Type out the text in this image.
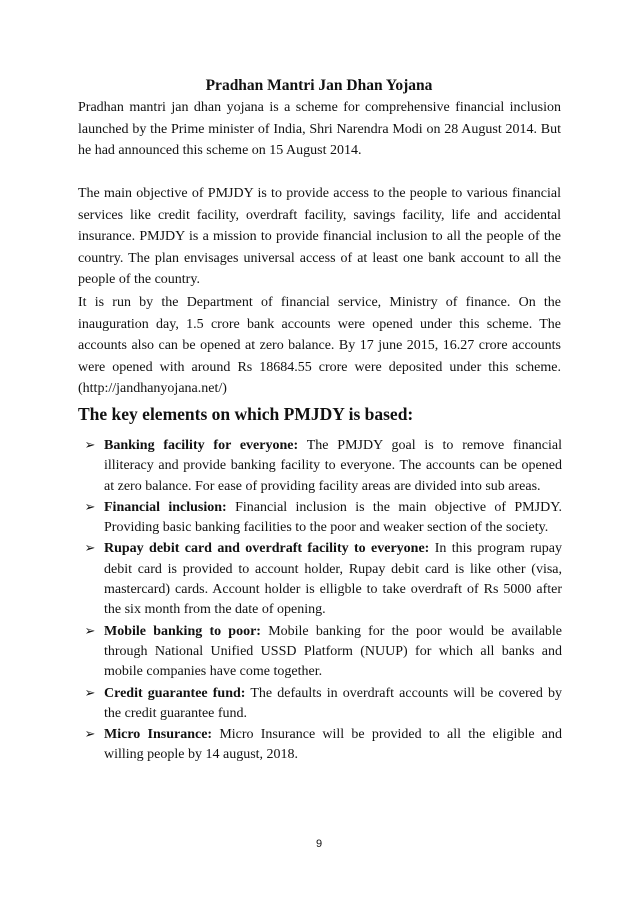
Pradhan Mantri Jan Dhan Yojana

Pradhan mantri jan dhan yojana is a scheme for comprehensive financial inclusion launched by the Prime minister of India, Shri Narendra Modi on 28 August 2014. But he had announced this scheme on 15 August 2014.

The main objective of PMJDY is to provide access to the people to various financial services like credit facility, overdraft facility, savings facility, life and accidental insurance. PMJDY is a mission to provide financial inclusion to all the people of the country. The plan envisages universal access of at least one bank account to all the people of the country.

It is run by the Department of financial service, Ministry of finance. On the inauguration day, 1.5 crore bank accounts were opened under this scheme. The accounts also can be opened at zero balance. By 17 june 2015, 16.27 crore accounts were opened with around Rs 18684.55 crore were deposited under this scheme. (http://jandhanyojana.net/)

The key elements on which PMJDY is based:
➢ Banking facility for everyone: The PMJDY goal is to remove financial illiteracy and provide banking facility to everyone. The accounts can be opened at zero balance. For ease of providing facility areas are divided into sub areas.
➢ Financial inclusion: Financial inclusion is the main objective of PMJDY. Providing basic banking facilities to the poor and weaker section of the society.
➢ Rupay debit card and overdraft facility to everyone: In this program rupay debit card is provided to account holder, Rupay debit card is like other (visa, mastercard) cards. Account holder is elligble to take overdraft of Rs 5000 after the six month from the date of opening.
➢ Mobile banking to poor: Mobile banking for the poor would be available through National Unified USSD Platform (NUUP) for which all banks and mobile companies have come together.
➢ Credit guarantee fund: The defaults in overdraft accounts will be covered by the credit guarantee fund.
➢ Micro Insurance: Micro Insurance will be provided to all the eligible and willing people by 14 august, 2018.
9
